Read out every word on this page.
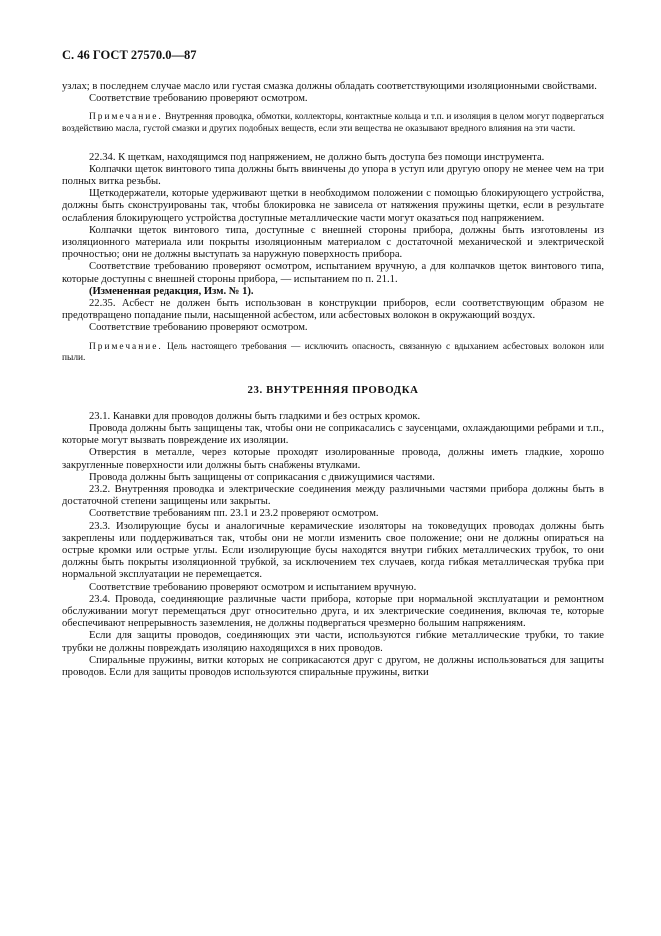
С. 46 ГОСТ 27570.0—87

узлах; в последнем случае масло или густая смазка должны обладать соответствующими изоляционными свойствами.

Соответствие требованию проверяют осмотром.

Примечание. Внутренняя проводка, обмотки, коллекторы, контактные кольца и т.п. и изоляция в целом могут подвергаться воздействию масла, густой смазки и других подобных веществ, если эти вещества не оказывают вредного влияния на эти части.

22.34. К щеткам, находящимся под напряжением, не должно быть доступа без помощи инструмента.

Колпачки щеток винтового типа должны быть ввинчены до упора в уступ или другую опору не менее чем на три полных витка резьбы.

Щеткодержатели, которые удерживают щетки в необходимом положении с помощью блокирующего устройства, должны быть сконструированы так, чтобы блокировка не зависела от натяжения пружины щетки, если в результате ослабления блокирующего устройства доступные металлические части могут оказаться под напряжением.

Колпачки щеток винтового типа, доступные с внешней стороны прибора, должны быть изготовлены из изоляционного материала или покрыты изоляционным материалом с достаточной механической и электрической прочностью; они не должны выступать за наружную поверхность прибора.

Соответствие требованию проверяют осмотром, испытанием вручную, а для колпачков щеток винтового типа, которые доступны с внешней стороны прибора, — испытанием по п. 21.1.

(Измененная редакция, Изм. № 1).

22.35. Асбест не должен быть использован в конструкции приборов, если соответствующим образом не предотвращено попадание пыли, насыщенной асбестом, или асбестовых волокон в окружающий воздух.

Соответствие требованию проверяют осмотром.

Примечание. Цель настоящего требования — исключить опасность, связанную с вдыханием асбестовых волокон или пыли.

23. ВНУТРЕННЯЯ ПРОВОДКА

23.1. Канавки для проводов должны быть гладкими и без острых кромок.

Провода должны быть защищены так, чтобы они не соприкасались с заусенцами, охлаждающими ребрами и т.п., которые могут вызвать повреждение их изоляции.

Отверстия в металле, через которые проходят изолированные провода, должны иметь гладкие, хорошо закругленные поверхности или должны быть снабжены втулками.

Провода должны быть защищены от соприкасания с движущимися частями.

23.2. Внутренняя проводка и электрические соединения между различными частями прибора должны быть в достаточной степени защищены или закрыты.

Соответствие требованиям пп. 23.1 и 23.2 проверяют осмотром.

23.3. Изолирующие бусы и аналогичные керамические изоляторы на токоведущих проводах должны быть закреплены или поддерживаться так, чтобы они не могли изменить свое положение; они не должны опираться на острые кромки или острые углы. Если изолирующие бусы находятся внутри гибких металлических трубок, то они должны быть покрыты изоляционной трубкой, за исключением тех случаев, когда гибкая металлическая трубка при нормальной эксплуатации не перемещается.

Соответствие требованию проверяют осмотром и испытанием вручную.

23.4. Провода, соединяющие различные части прибора, которые при нормальной эксплуатации и ремонтном обслуживании могут перемещаться друг относительно друга, и их электрические соединения, включая те, которые обеспечивают непрерывность заземления, не должны подвергаться чрезмерно большим напряжениям.

Если для защиты проводов, соединяющих эти части, используются гибкие металлические трубки, то такие трубки не должны повреждать изоляцию находящихся в них проводов.

Спиральные пружины, витки которых не соприкасаются друг с другом, не должны использоваться для защиты проводов. Если для защиты проводов используются спиральные пружины, витки
